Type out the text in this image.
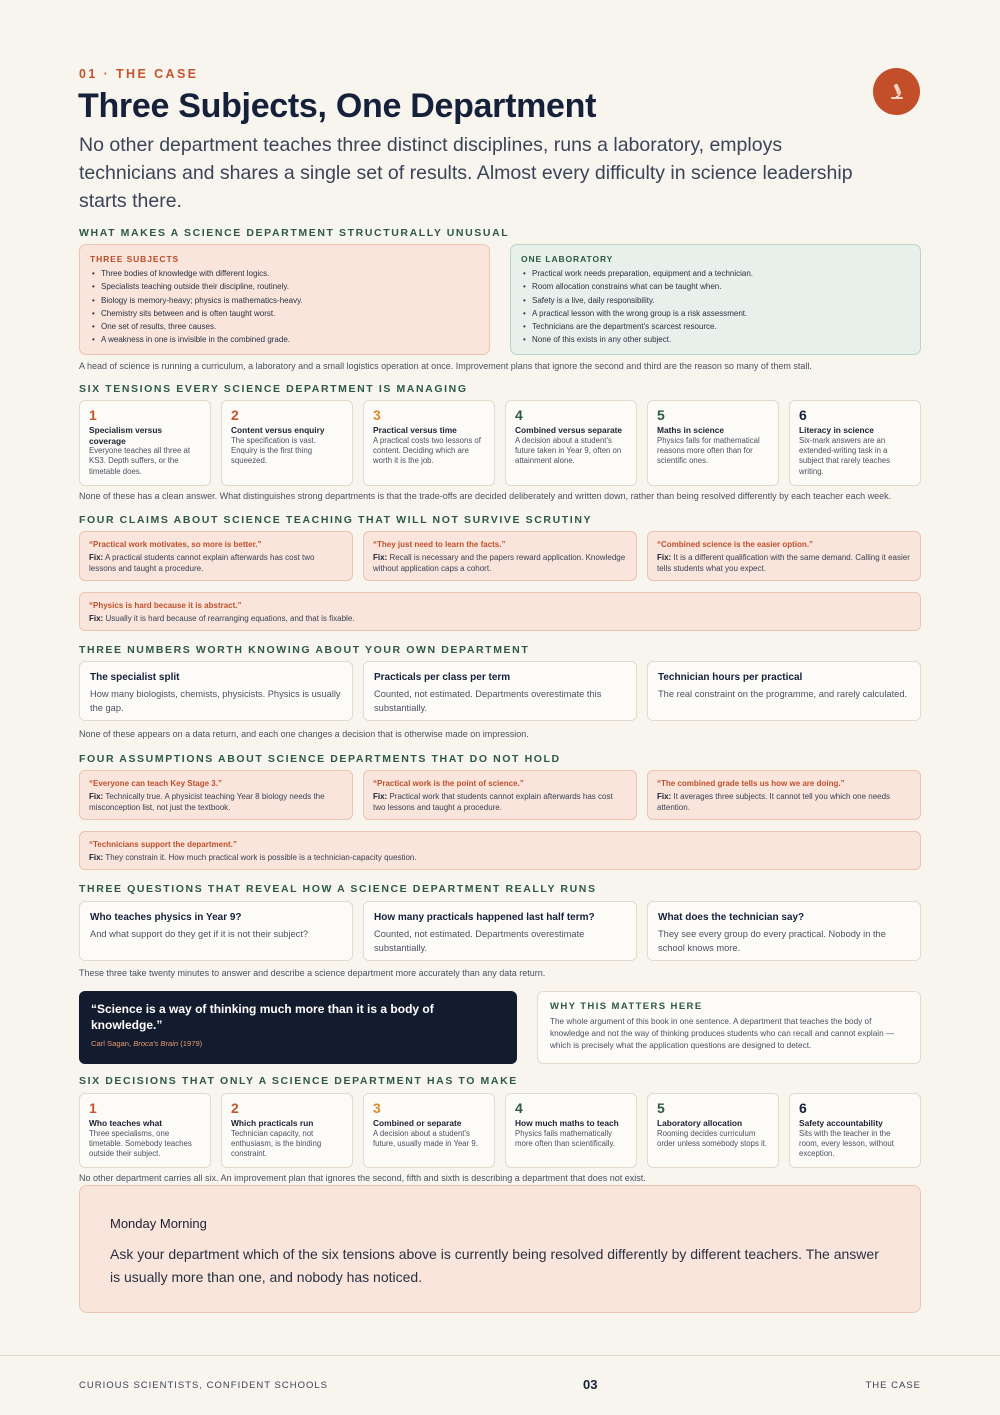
01 · THE CASE
Three Subjects, One Department
No other department teaches three distinct disciplines, runs a laboratory, employs technicians and shares a single set of results. Almost every difficulty in science leadership starts there.
WHAT MAKES A SCIENCE DEPARTMENT STRUCTURALLY UNUSUAL
THREE SUBJECTS
• Three bodies of knowledge with different logics.
• Specialists teaching outside their discipline, routinely.
• Biology is memory-heavy; physics is mathematics-heavy.
• Chemistry sits between and is often taught worst.
• One set of results, three causes.
• A weakness in one is invisible in the combined grade.
ONE LABORATORY
• Practical work needs preparation, equipment and a technician.
• Room allocation constrains what can be taught when.
• Safety is a live, daily responsibility.
• A practical lesson with the wrong group is a risk assessment.
• Technicians are the department's scarcest resource.
• None of this exists in any other subject.
A head of science is running a curriculum, a laboratory and a small logistics operation at once. Improvement plans that ignore the second and third are the reason so many of them stall.
SIX TENSIONS EVERY SCIENCE DEPARTMENT IS MANAGING
1
Specialism versus coverage
Everyone teaches all three at KS3. Depth suffers, or the timetable does.
2
Content versus enquiry
The specification is vast. Enquiry is the first thing squeezed.
3
Practical versus time
A practical costs two lessons of content. Deciding which are worth it is the job.
4
Combined versus separate
A decision about a student's future taken in Year 9, often on attainment alone.
5
Maths in science
Physics fails for mathematical reasons more often than for scientific ones.
6
Literacy in science
Six-mark answers are an extended-writing task in a subject that rarely teaches writing.
None of these has a clean answer. What distinguishes strong departments is that the trade-offs are decided deliberately and written down, rather than being resolved differently by each teacher each week.
FOUR CLAIMS ABOUT SCIENCE TEACHING THAT WILL NOT SURVIVE SCRUTINY
“Practical work motivates, so more is better.”
Fix: A practical students cannot explain afterwards has cost two lessons and taught a procedure.
“They just need to learn the facts.”
Fix: Recall is necessary and the papers reward application. Knowledge without application caps a cohort.
“Combined science is the easier option.”
Fix: It is a different qualification with the same demand. Calling it easier tells students what you expect.
“Physics is hard because it is abstract.”
Fix: Usually it is hard because of rearranging equations, and that is fixable.
THREE NUMBERS WORTH KNOWING ABOUT YOUR OWN DEPARTMENT
The specialist split
How many biologists, chemists, physicists. Physics is usually the gap.
Practicals per class per term
Counted, not estimated. Departments overestimate this substantially.
Technician hours per practical
The real constraint on the programme, and rarely calculated.
None of these appears on a data return, and each one changes a decision that is otherwise made on impression.
FOUR ASSUMPTIONS ABOUT SCIENCE DEPARTMENTS THAT DO NOT HOLD
“Everyone can teach Key Stage 3.”
Fix: Technically true. A physicist teaching Year 8 biology needs the misconception list, not just the textbook.
“Practical work is the point of science.”
Fix: Practical work that students cannot explain afterwards has cost two lessons and taught a procedure.
“The combined grade tells us how we are doing.”
Fix: It averages three subjects. It cannot tell you which one needs attention.
“Technicians support the department.”
Fix: They constrain it. How much practical work is possible is a technician-capacity question.
THREE QUESTIONS THAT REVEAL HOW A SCIENCE DEPARTMENT REALLY RUNS
Who teaches physics in Year 9?
And what support do they get if it is not their subject?
How many practicals happened last half term?
Counted, not estimated. Departments overestimate substantially.
What does the technician say?
They see every group do every practical. Nobody in the school knows more.
These three take twenty minutes to answer and describe a science department more accurately than any data return.
“Science is a way of thinking much more than it is a body of knowledge.”
Carl Sagan, Broca's Brain (1979)
WHY THIS MATTERS HERE
The whole argument of this book in one sentence. A department that teaches the body of knowledge and not the way of thinking produces students who can recall and cannot explain — which is precisely what the application questions are designed to detect.
SIX DECISIONS THAT ONLY A SCIENCE DEPARTMENT HAS TO MAKE
1
Who teaches what
Three specialisms, one timetable. Somebody teaches outside their subject.
2
Which practicals run
Technician capacity, not enthusiasm, is the binding constraint.
3
Combined or separate
A decision about a student's future, usually made in Year 9.
4
How much maths to teach
Physics fails mathematically more often than scientifically.
5
Laboratory allocation
Rooming decides curriculum order unless somebody stops it.
6
Safety accountability
Sits with the teacher in the room, every lesson, without exception.
No other department carries all six. An improvement plan that ignores the second, fifth and sixth is describing a department that does not exist.
Monday Morning
Ask your department which of the six tensions above is currently being resolved differently by different teachers. The answer is usually more than one, and nobody has noticed.
CURIOUS SCIENTISTS, CONFIDENT SCHOOLS	03	THE CASE
